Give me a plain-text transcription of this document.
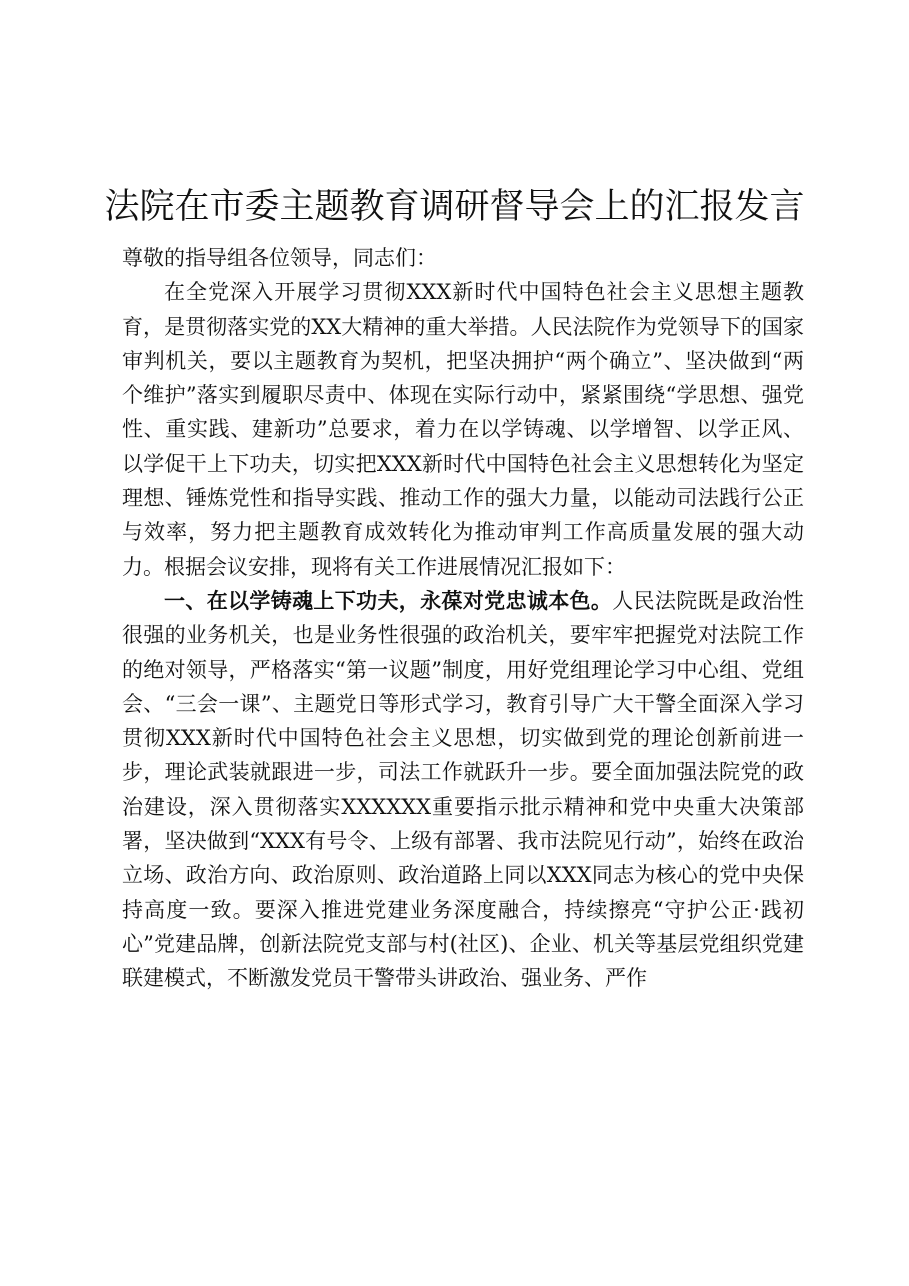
法院在市委主题教育调研督导会上的汇报发言

尊敬的指导组各位领导，同志们：

在全党深入开展学习贯彻XXX新时代中国特色社会主义思想主题教育，是贯彻落实党的XX大精神的重大举措。人民法院作为党领导下的国家审判机关，要以主题教育为契机，把坚决拥护“两个确立”、坚决做到“两个维护”落实到履职尽责中、体现在实际行动中，紧紧围绕“学思想、强党性、重实践、建新功”总要求，着力在以学铸魂、以学增智、以学正风、以学促干上下功夫，切实把XXX新时代中国特色社会主义思想转化为坚定理想、锤炼党性和指导实践、推动工作的强大力量，以能动司法践行公正与效率，努力把主题教育成效转化为推动审判工作高质量发展的强大动力。根据会议安排，现将有关工作进展情况汇报如下：

一、在以学铸魂上下功夫，永葆对党忠诚本色。人民法院既是政治性很强的业务机关，也是业务性很强的政治机关，要牢牢把握党对法院工作的绝对领导，严格落实“第一议题”制度，用好党组理论学习中心组、党组会、“三会一课”、主题党日等形式学习，教育引导广大干警全面深入学习贯彻XXX新时代中国特色社会主义思想，切实做到党的理论创新前进一步，理论武装就跟进一步，司法工作就跃升一步。要全面加强法院党的政治建设，深入贯彻落实XXXXXX重要指示批示精神和党中央重大决策部署，坚决做到“XXX有号令、上级有部署、我市法院见行动”，始终在政治立场、政治方向、政治原则、政治道路上同以XXX同志为核心的党中央保持高度一致。要深入推进党建业务深度融合，持续擦亮“守护公正·践初心”党建品牌，创新法院党支部与村(社区)、企业、机关等基层党组织党建联建模式，不断激发党员干警带头讲政治、强业务、严作
